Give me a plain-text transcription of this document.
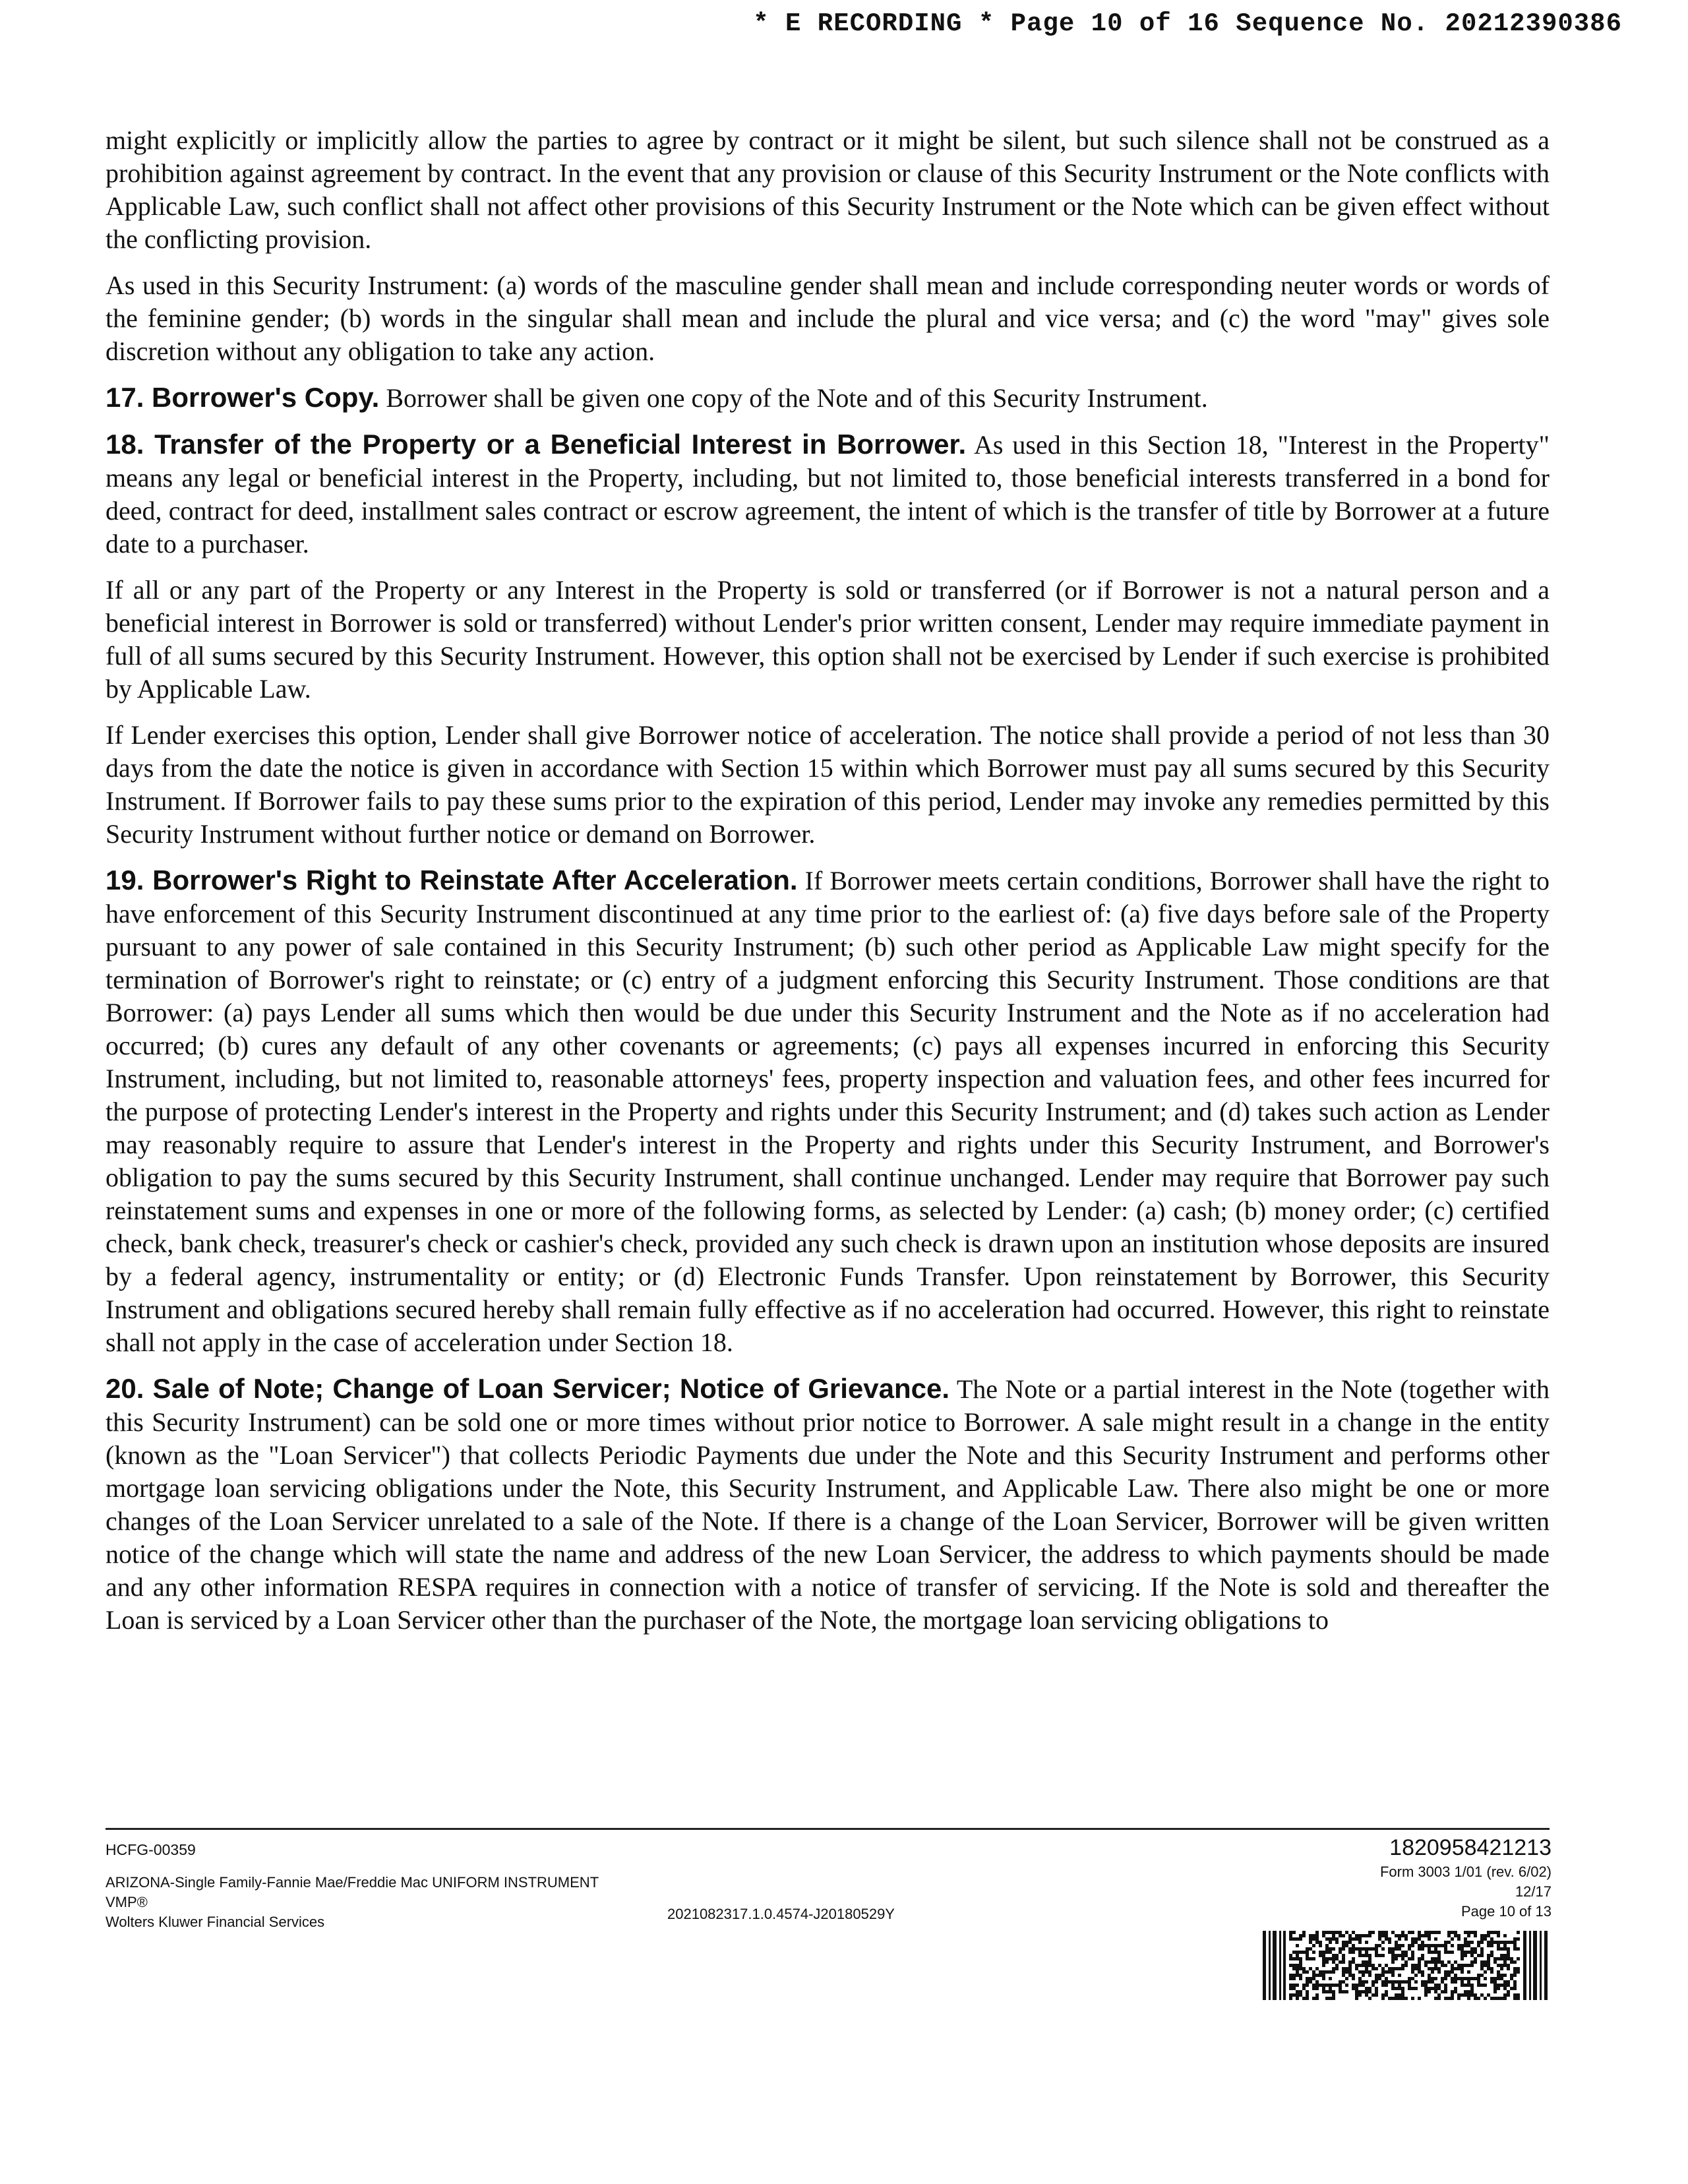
* E RECORDING * Page 10 of 16 Sequence No. 20212390386

might explicitly or implicitly allow the parties to agree by contract or it might be silent, but such silence shall not be construed as a prohibition against agreement by contract. In the event that any provision or clause of this Security Instrument or the Note conflicts with Applicable Law, such conflict shall not affect other provisions of this Security Instrument or the Note which can be given effect without the conflicting provision.

As used in this Security Instrument: (a) words of the masculine gender shall mean and include corresponding neuter words or words of the feminine gender; (b) words in the singular shall mean and include the plural and vice versa; and (c) the word "may" gives sole discretion without any obligation to take any action.

17. Borrower's Copy. Borrower shall be given one copy of the Note and of this Security Instrument.

18. Transfer of the Property or a Beneficial Interest in Borrower. As used in this Section 18, "Interest in the Property" means any legal or beneficial interest in the Property, including, but not limited to, those beneficial interests transferred in a bond for deed, contract for deed, installment sales contract or escrow agreement, the intent of which is the transfer of title by Borrower at a future date to a purchaser.

If all or any part of the Property or any Interest in the Property is sold or transferred (or if Borrower is not a natural person and a beneficial interest in Borrower is sold or transferred) without Lender's prior written consent, Lender may require immediate payment in full of all sums secured by this Security Instrument. However, this option shall not be exercised by Lender if such exercise is prohibited by Applicable Law.

If Lender exercises this option, Lender shall give Borrower notice of acceleration. The notice shall provide a period of not less than 30 days from the date the notice is given in accordance with Section 15 within which Borrower must pay all sums secured by this Security Instrument. If Borrower fails to pay these sums prior to the expiration of this period, Lender may invoke any remedies permitted by this Security Instrument without further notice or demand on Borrower.

19. Borrower's Right to Reinstate After Acceleration. If Borrower meets certain conditions, Borrower shall have the right to have enforcement of this Security Instrument discontinued at any time prior to the earliest of: (a) five days before sale of the Property pursuant to any power of sale contained in this Security Instrument; (b) such other period as Applicable Law might specify for the termination of Borrower's right to reinstate; or (c) entry of a judgment enforcing this Security Instrument. Those conditions are that Borrower: (a) pays Lender all sums which then would be due under this Security Instrument and the Note as if no acceleration had occurred; (b) cures any default of any other covenants or agreements; (c) pays all expenses incurred in enforcing this Security Instrument, including, but not limited to, reasonable attorneys' fees, property inspection and valuation fees, and other fees incurred for the purpose of protecting Lender's interest in the Property and rights under this Security Instrument; and (d) takes such action as Lender may reasonably require to assure that Lender's interest in the Property and rights under this Security Instrument, and Borrower's obligation to pay the sums secured by this Security Instrument, shall continue unchanged. Lender may require that Borrower pay such reinstatement sums and expenses in one or more of the following forms, as selected by Lender: (a) cash; (b) money order; (c) certified check, bank check, treasurer's check or cashier's check, provided any such check is drawn upon an institution whose deposits are insured by a federal agency, instrumentality or entity; or (d) Electronic Funds Transfer. Upon reinstatement by Borrower, this Security Instrument and obligations secured hereby shall remain fully effective as if no acceleration had occurred. However, this right to reinstate shall not apply in the case of acceleration under Section 18.

20. Sale of Note; Change of Loan Servicer; Notice of Grievance. The Note or a partial interest in the Note (together with this Security Instrument) can be sold one or more times without prior notice to Borrower. A sale might result in a change in the entity (known as the "Loan Servicer") that collects Periodic Payments due under the Note and this Security Instrument and performs other mortgage loan servicing obligations under the Note, this Security Instrument, and Applicable Law. There also might be one or more changes of the Loan Servicer unrelated to a sale of the Note. If there is a change of the Loan Servicer, Borrower will be given written notice of the change which will state the name and address of the new Loan Servicer, the address to which payments should be made and any other information RESPA requires in connection with a notice of transfer of servicing. If the Note is sold and thereafter the Loan is serviced by a Loan Servicer other than the purchaser of the Note, the mortgage loan servicing obligations to

HCFG-00359
ARIZONA-Single Family-Fannie Mae/Freddie Mac UNIFORM INSTRUMENT
VMP®
Wolters Kluwer Financial Services	2021082317.1.0.4574-J20180529Y
1820958421213
Form 3003 1/01 (rev. 6/02)
12/17
Page 10 of 13
